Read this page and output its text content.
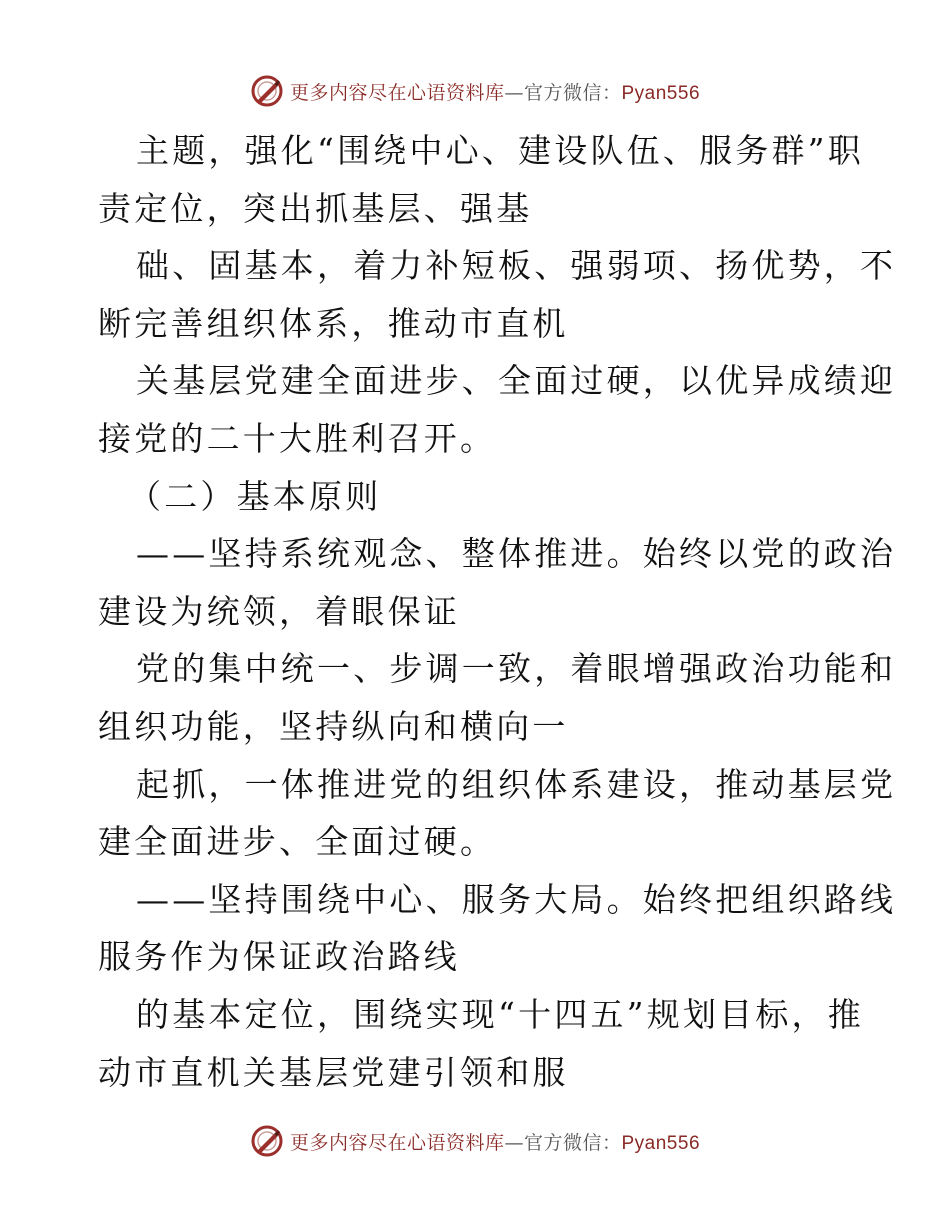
更多内容尽在心语资料库—官方微信：Pyan556
主题，强化“围绕中心、建设队伍、服务群”职
责定位，突出抓基层、强基
础、固基本，着力补短板、强弱项、扬优势，不
断完善组织体系，推动市直机
关基层党建全面进步、全面过硬，以优异成绩迎
接党的二十大胜利召开。
（二）基本原则
——坚持系统观念、整体推进。始终以党的政治
建设为统领，着眼保证
党的集中统一、步调一致，着眼增强政治功能和
组织功能，坚持纵向和横向一
起抓，一体推进党的组织体系建设，推动基层党
建全面进步、全面过硬。
——坚持围绕中心、服务大局。始终把组织路线
服务作为保证政治路线
的基本定位，围绕实现“十四五”规划目标，推
动市直机关基层党建引领和服
更多内容尽在心语资料库—官方微信：Pyan556
